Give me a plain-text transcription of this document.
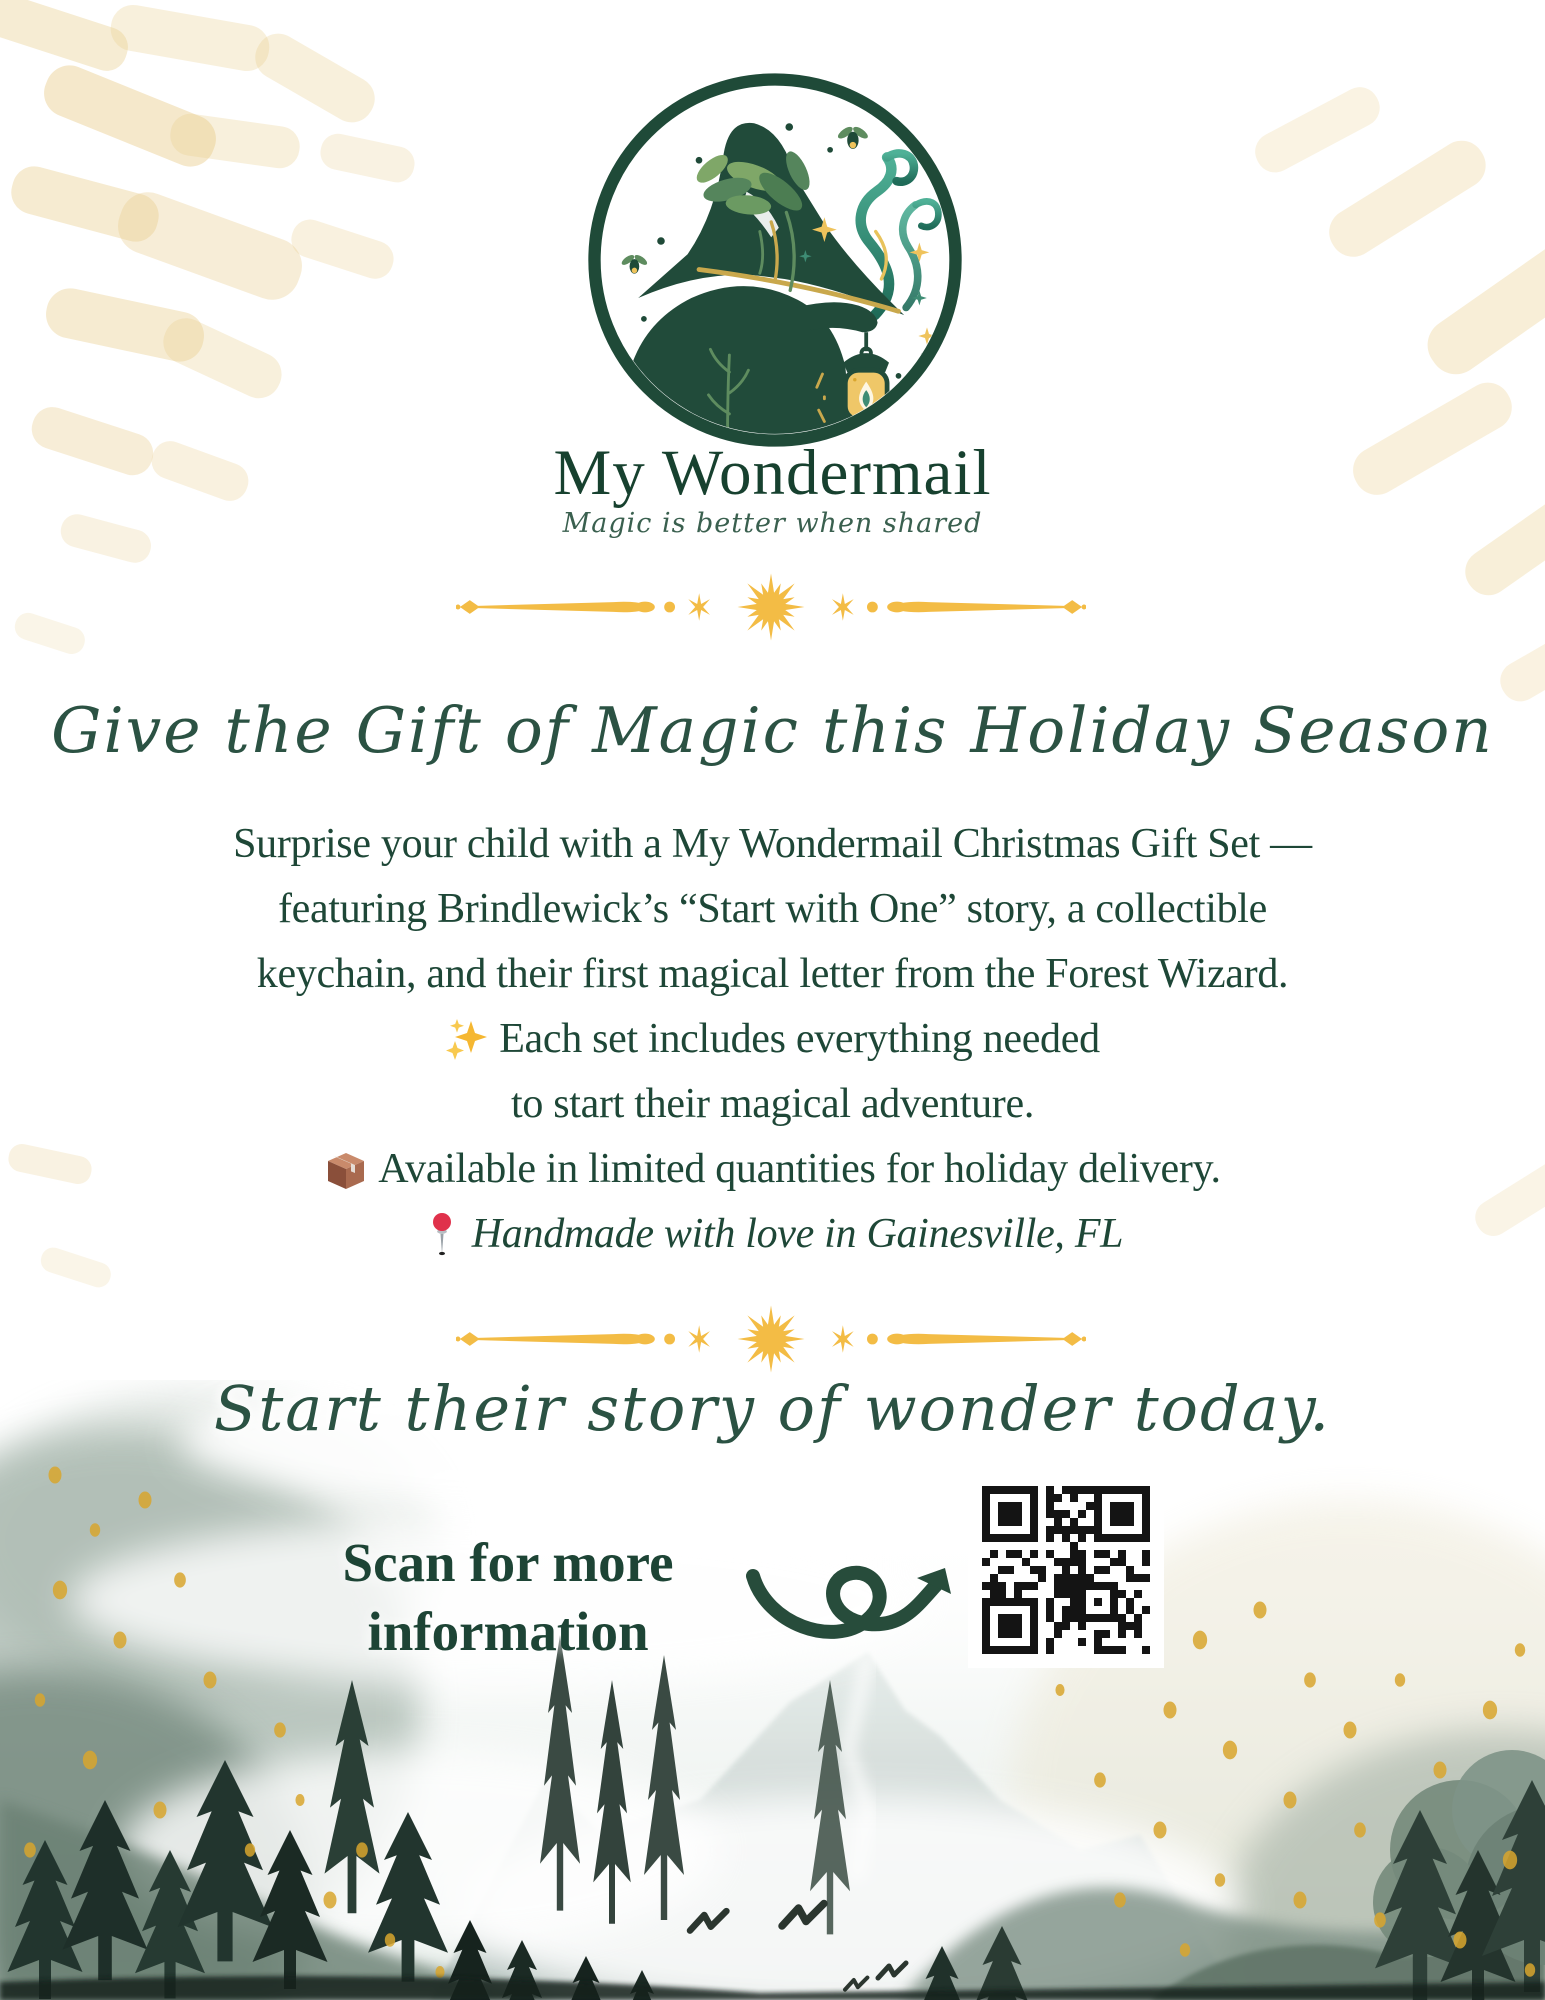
My Wondermail
Magic is better when shared
Give the Gift of Magic this Holiday Season
Surprise your child with a My Wondermail Christmas Gift Set —
featuring Brindlewick’s “Start with One” story, a collectible
keychain, and their first magical letter from the Forest Wizard.
Each set includes everything needed
to start their magical adventure.
Available in limited quantities for holiday delivery.
Handmade with love in Gainesville, FL
Start their story of wonder today.
Scan for more
information
